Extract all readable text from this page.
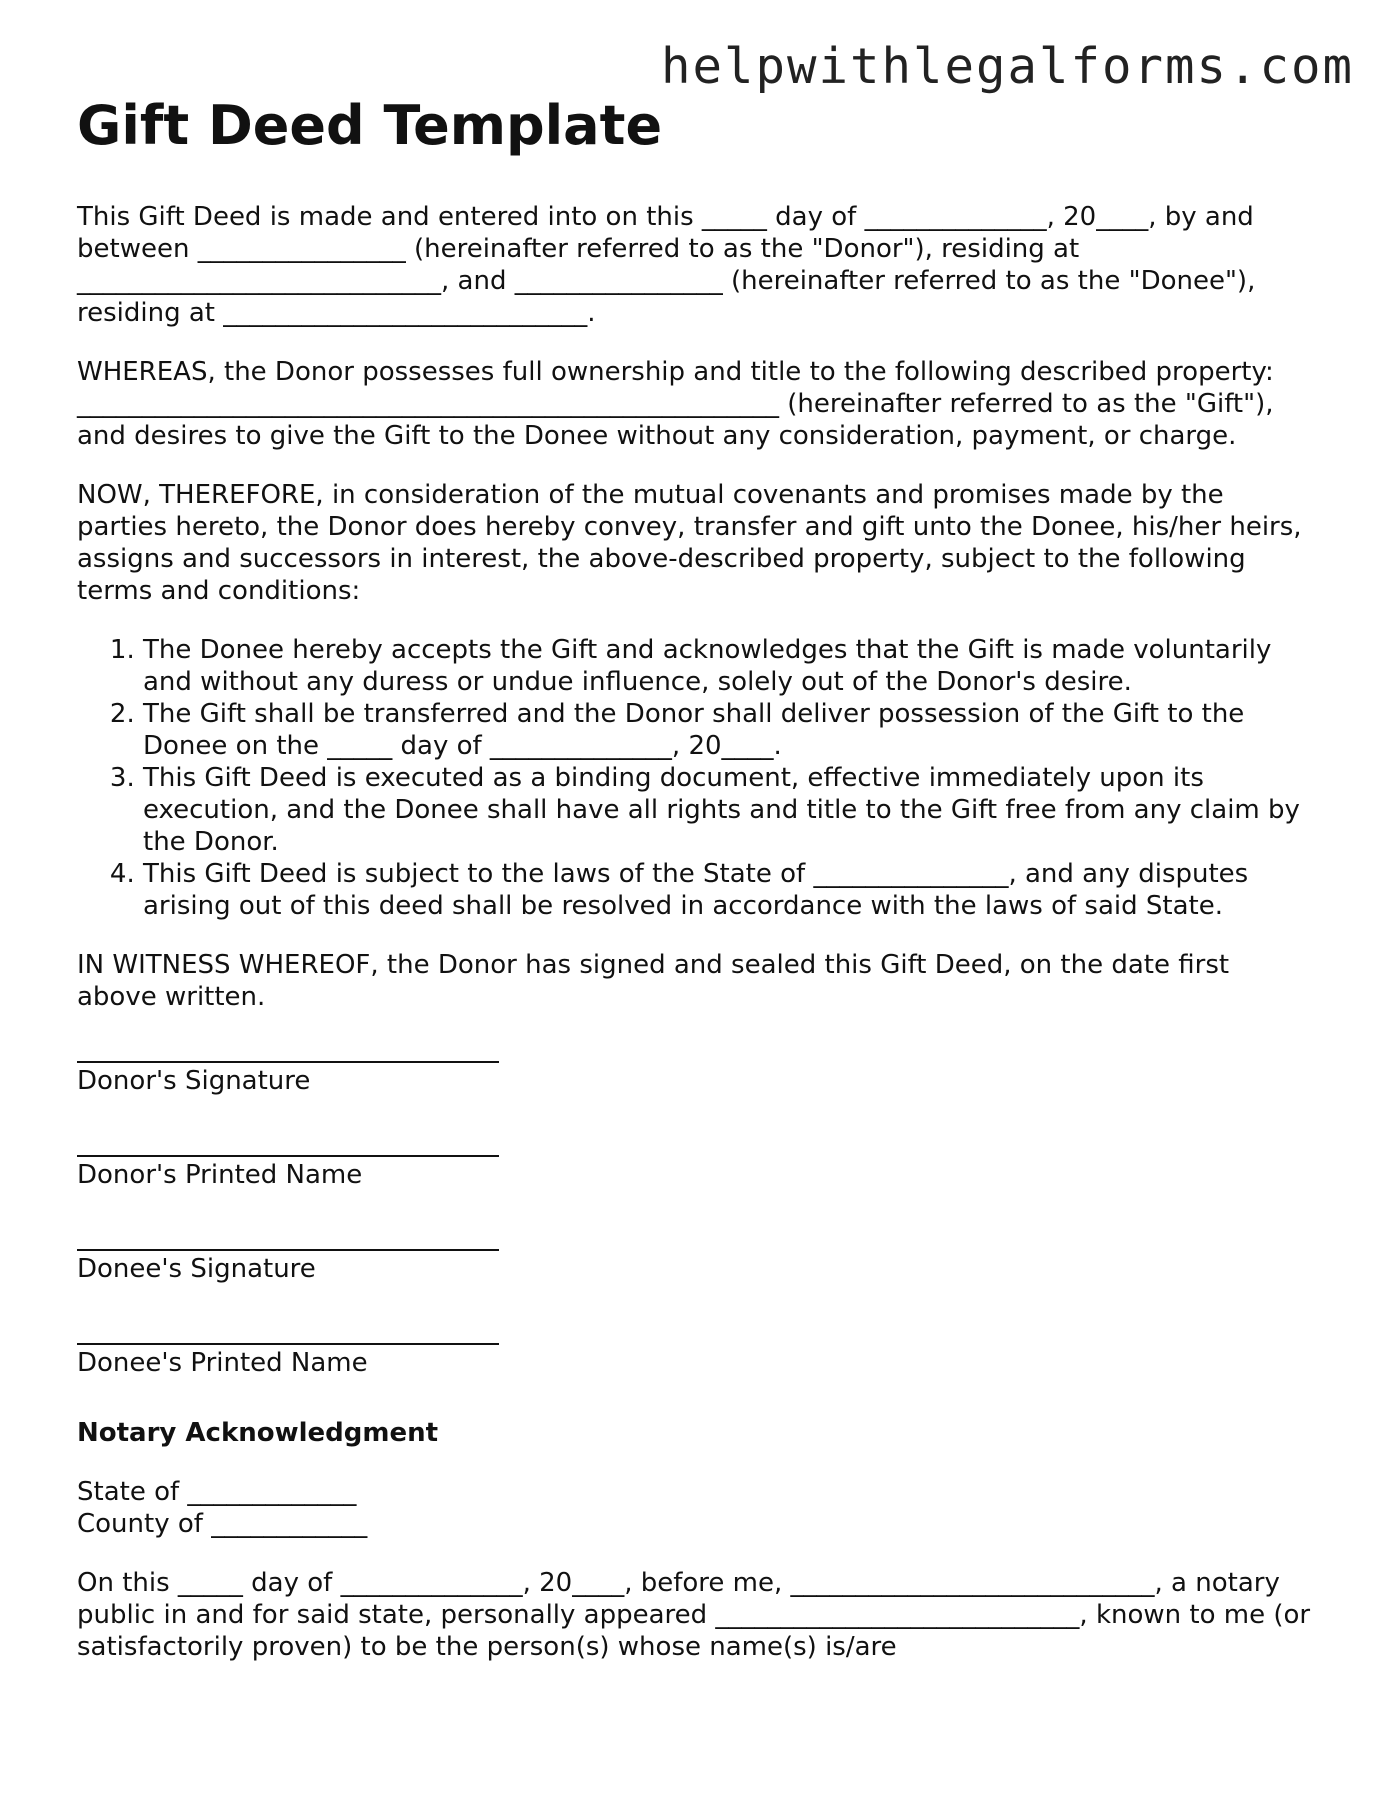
helpwithlegalforms.com
Gift Deed Template

This Gift Deed is made and entered into on this _____ day of ______________, 20____, by and between ________________ (hereinafter referred to as the "Donor"), residing at ____________________________, and ________________ (hereinafter referred to as the "Donee"), residing at ____________________________.

WHEREAS, the Donor possesses full ownership and title to the following described property: ______________________________________________________ (hereinafter referred to as the "Gift"), and desires to give the Gift to the Donee without any consideration, payment, or charge.

NOW, THEREFORE, in consideration of the mutual covenants and promises made by the parties hereto, the Donor does hereby convey, transfer and gift unto the Donee, his/her heirs, assigns and successors in interest, the above-described property, subject to the following terms and conditions:

1. The Donee hereby accepts the Gift and acknowledges that the Gift is made voluntarily and without any duress or undue influence, solely out of the Donor's desire.
2. The Gift shall be transferred and the Donor shall deliver possession of the Gift to the Donee on the _____ day of ______________, 20____.
3. This Gift Deed is executed as a binding document, effective immediately upon its execution, and the Donee shall have all rights and title to the Gift free from any claim by the Donor.
4. This Gift Deed is subject to the laws of the State of _______________, and any disputes arising out of this deed shall be resolved in accordance with the laws of said State.

IN WITNESS WHEREOF, the Donor has signed and sealed this Gift Deed, on the date first above written.

Donor's Signature
Donor's Printed Name
Donee's Signature
Donee's Printed Name
Notary Acknowledgment

State of _____________

County of ____________

On this _____ day of ______________, 20____, before me, ____________________________, a notary public in and for said state, personally appeared ____________________________, known to me (or satisfactorily proven) to be the person(s) whose name(s) is/are
